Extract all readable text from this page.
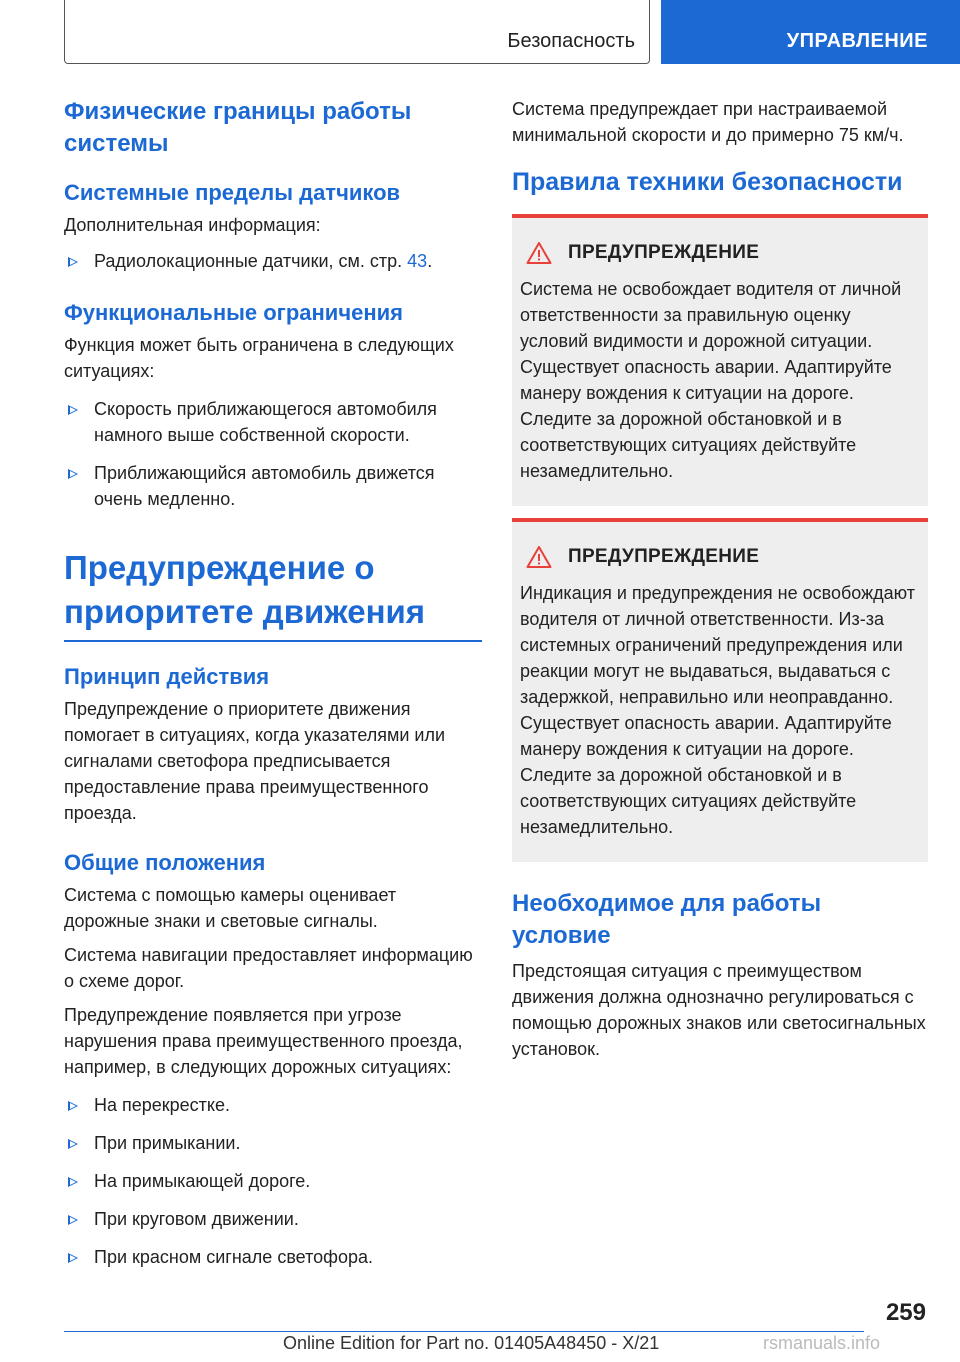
Безопасность	УПРАВЛЕНИЕ
Физические границы работы системы
Системные пределы датчиков
Дополнительная информация:
Радиолокационные датчики, см. стр. 43.
Функциональные ограничения
Функция может быть ограничена в следующих ситуациях:
Скорость приближающегося автомобиля намного выше собственной скорости.
Приближающийся автомобиль движется очень медленно.
Предупреждение о приоритете движения
Принцип действия
Предупреждение о приоритете движения помогает в ситуациях, когда указателями или сигналами светофора предписывается предоставление права преимущественного проезда.
Общие положения
Система с помощью камеры оценивает дорожные знаки и световые сигналы.
Система навигации предоставляет информацию о схеме дорог.
Предупреждение появляется при угрозе нарушения права преимущественного проезда, например, в следующих дорожных ситуациях:
На перекрестке.
При примыкании.
На примыкающей дороге.
При круговом движении.
При красном сигнале светофора.
Система предупреждает при настраиваемой минимальной скорости и до примерно 75 км/ч.
Правила техники безопасности
ПРЕДУПРЕЖДЕНИЕ
Система не освобождает водителя от личной ответственности за правильную оценку условий видимости и дорожной ситуации. Существует опасность аварии. Адаптируйте манеру вождения к ситуации на дороге. Следите за дорожной обстановкой и в соответствующих ситуациях действуйте незамедлительно.
ПРЕДУПРЕЖДЕНИЕ
Индикация и предупреждения не освобождают водителя от личной ответственности. Из-за системных ограничений предупреждения или реакции могут не выдаваться, выдаваться с задержкой, неправильно или неоправданно. Существует опасность аварии. Адаптируйте манеру вождения к ситуации на дороге. Следите за дорожной обстановкой и в соответствующих ситуациях действуйте незамедлительно.
Необходимое для работы условие
Предстоящая ситуация с преимуществом движения должна однозначно регулироваться с помощью дорожных знаков или светосигнальных установок.
259
Online Edition for Part no. 01405A48450 - X/21	rsmanuals.info
